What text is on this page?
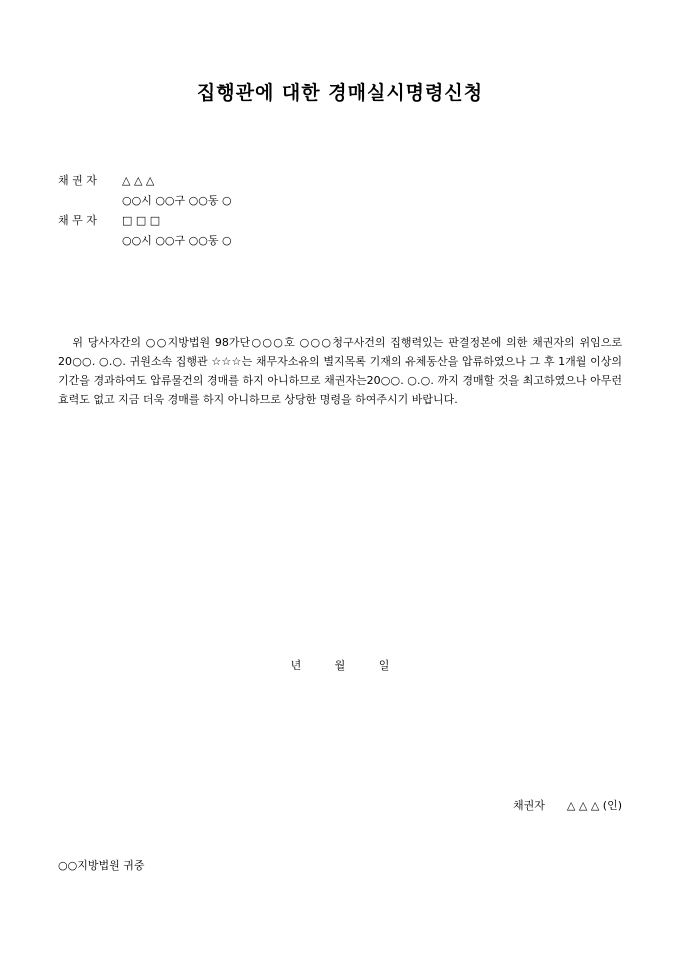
집행관에 대한 경매실시명령신청
채 권 자 △ △ △
○○시 ○○구 ○○동 ○
채 무 자 □ □ □
○○시 ○○구 ○○동 ○
위 당사자간의 ○○지방법원 98가단○○○호 ○○○청구사건의 집행력있는 판결정본에 의한 채권자의 위임으로 20○○. ○.○. 귀원소속 집행관 ☆☆☆는 채무자소유의 별지목록 기재의 유체동산을 압류하였으나 그 후 1개월 이상의 기간을 경과하여도 압류물건의 경매를 하지 아니하므로 채권자는20○○. ○.○. 까지 경매할 것을 최고하였으나 아무런 효력도 없고 지금 더욱 경매를 하지 아니하므로 상당한 명령을 하여주시기 바랍니다.
년 월 일
채권자 △ △ △ (인)
○○지방법원 귀중
